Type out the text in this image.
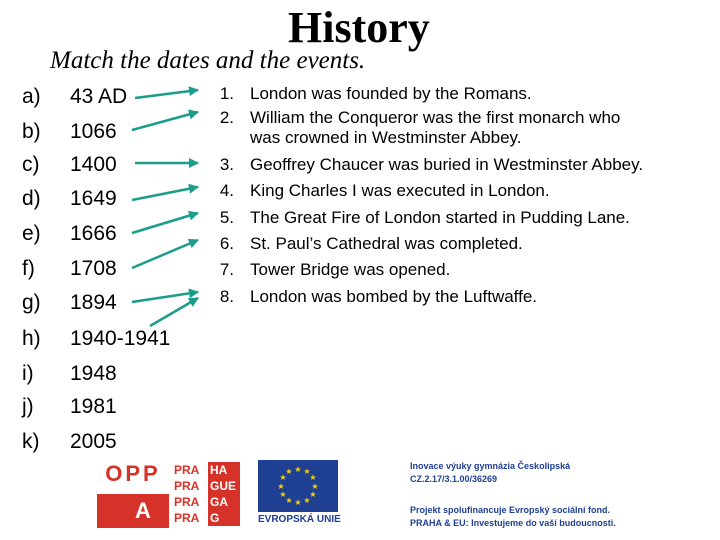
History
Match the dates and the events.
a) 43 AD
b) 1066
c) 1400
d) 1649
e) 1666
f) 1708
g) 1894
h) 1940-1941
i) 1948
j) 1981
k) 2005
1. London was founded by the Romans.
2. William the Conqueror was the first monarch who
was crowned in Westminster Abbey.
3. Geoffrey Chaucer was buried in Westminster Abbey.
4. King Charles I was executed in London.
5. The Great Fire of London started in Pudding Lane.
6. St. Paul’s Cathedral was completed.
7. Tower Bridge was opened.
8. London was bombed by the Luftwaffe.
OPP
A
PRA HA
PRA GUE
PRA GA
PRA G
★ ★
★
★
★
★
★
★
★
★
★
★
EVROPSKÁ UNIE
Inovace výuky gymnázia Českolipská
CZ.2.17/3.1.00/36269
Projekt spolufinancuje Evropský sociální fond.
PRAHA & EU: Investujeme do vaší budoucnosti.
